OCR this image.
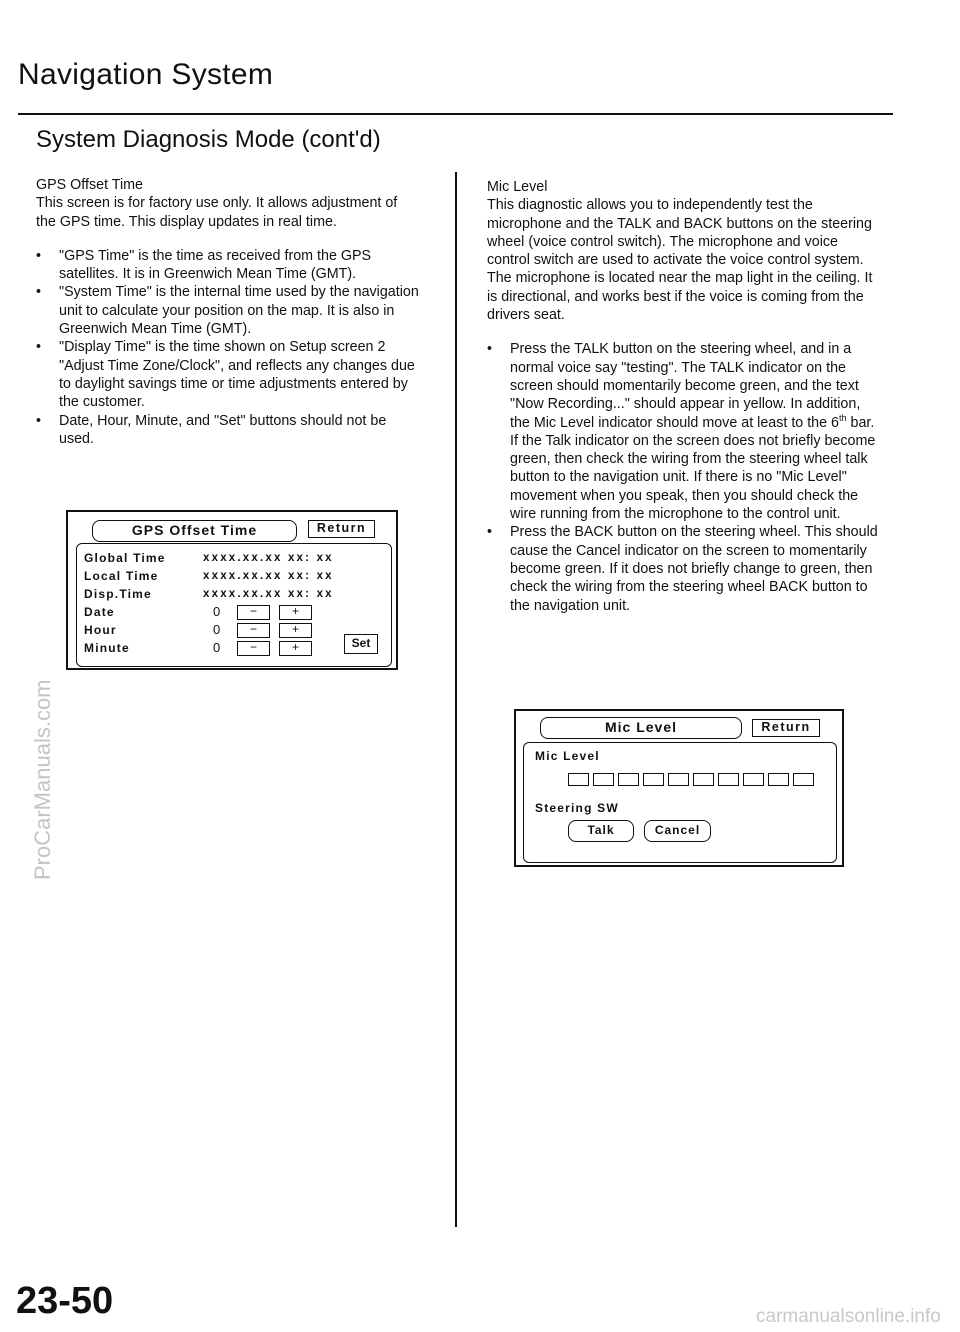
Navigation System
System Diagnosis Mode (cont'd)
ProCarManuals.com

GPS Offset Time

This screen is for factory use only. It allows adjustment of the GPS time. This display updates in real time.

• "GPS Time" is the time as received from the GPS satellites. It is in Greenwich Mean Time (GMT).
• "System Time" is the internal time used by the navigation unit to calculate your position on the map. It is also in Greenwich Mean Time (GMT).
• "Display Time" is the time shown on Setup screen 2 "Adjust Time Zone/Clock", and reflects any changes due to daylight savings time or time adjustments entered by the customer.
• Date, Hour, Minute, and "Set" buttons should not be used.

Mic Level

This diagnostic allows you to independently test the microphone and the TALK and BACK buttons on the steering wheel (voice control switch). The microphone and voice control switch are used to activate the voice control system. The microphone is located near the map light in the ceiling. It is directional, and works best if the voice is coming from the drivers seat.

• Press the TALK button on the steering wheel, and in a normal voice say "testing". The TALK indicator on the screen should momentarily become green, and the text "Now Recording..." should appear in yellow. In addition, the Mic Level indicator should move at least to the 6th bar. If the Talk indicator on the screen does not briefly become green, then check the wiring from the steering wheel talk button to the navigation unit. If there is no "Mic Level" movement when you speak, then you should check the wire running from the microphone to the control unit.
• Press the BACK button on the steering wheel. This should cause the Cancel indicator on the screen to momentarily become green. If it does not briefly change to green, then check the wiring from the steering wheel BACK button to the navigation unit.
GPS Offset Time	Return
Global Time	xxxx.xx.xx xx: xx
Local Time	xxxx.xx.xx xx: xx
Disp.Time	xxxx.xx.xx xx: xx
Date	0	−	+
Hour	0	−	+
Minute	0	−	+	Set
Mic Level	Return
Mic Level
Steering SW
Talk	Cancel
23-50	carmanualsonline.info
